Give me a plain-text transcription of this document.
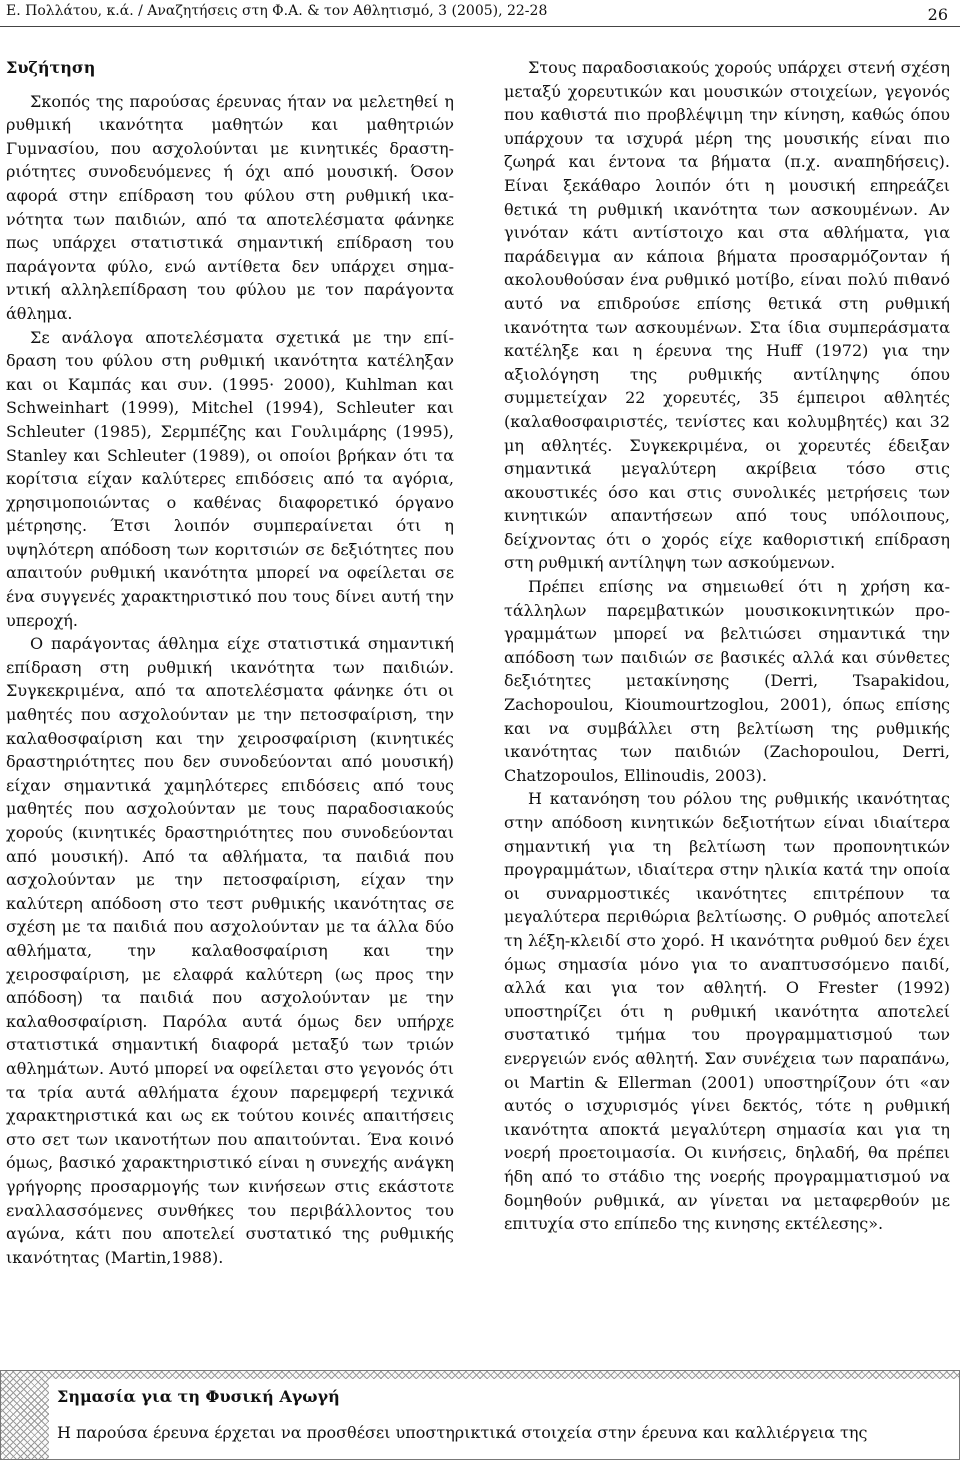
Ε. Πολλάτου, κ.ά. / Αναζητήσεις στη Φ.Α. & τον Αθλητισμό, 3 (2005), 22-28	26
Συζήτηση

Σκοπός της παρούσας έρευνας ήταν να μελετηθεί η ρυθμική ικανότητα μαθητών και μαθητριών Γυμνασίου, που ασχολούνται με κινητικές δραστηριότητες συνοδευόμενες ή όχι από μουσική. Όσον αφορά στην επίδραση του φύλου στη ρυθμική ικανότητα των παιδιών, από τα αποτελέσματα φάνηκε πως υπάρχει στατιστικά σημαντική επίδραση του παράγοντα φύλο, ενώ αντίθετα δεν υπάρχει σημαντική αλληλεπίδραση του φύλου με τον παράγοντα άθλημα.

Σε ανάλογα αποτελέσματα σχετικά με την επίδραση του φύλου στη ρυθμική ικανότητα κατέληξαν και οι Καμπάς και συν. (1995· 2000), Kuhlman και Schweinhart (1999), Mitchel (1994), Schleuter και Schleuter (1985), Σερμπέζης και Γουλιμάρης (1995), Stanley και Schleuter (1989), οι οποίοι βρήκαν ότι τα κορίτσια είχαν καλύτερες επιδόσεις από τα αγόρια, χρησιμοποιώντας ο καθένας διαφορετικό όργανο μέτρησης. Έτσι λοιπόν συμπεραίνεται ότι η υψηλότερη απόδοση των κοριτσιών σε δεξιότητες που απαιτούν ρυθμική ικανότητα μπορεί να οφείλεται σε ένα συγγενές χαρακτηριστικό που τους δίνει αυτή την υπεροχή.

Ο παράγοντας άθλημα είχε στατιστικά σημαντική επίδραση στη ρυθμική ικανότητα των παιδιών. Συγκεκριμένα, από τα αποτελέσματα φάνηκε ότι οι μαθητές που ασχολούνταν με την πετοσφαίριση, την καλαθοσφαίριση και την χειροσφαίριση (κινητικές δραστηριότητες που δεν συνοδεύονται από μουσική) είχαν σημαντικά χαμηλότερες επιδόσεις από τους μαθητές που ασχολούνταν με τους παραδοσιακούς χορούς (κινητικές δραστηριότητες που συνοδεύονται από μουσική). Από τα αθλήματα, τα παιδιά που ασχολούνταν με την πετοσφαίριση, είχαν την καλύτερη απόδοση στο τεστ ρυθμικής ικανότητας σε σχέση με τα παιδιά που ασχολούνταν με τα άλλα δύο αθλήματα, την καλαθοσφαίριση και την χειροσφαίριση, με ελαφρά καλύτερη (ως προς την απόδοση) τα παιδιά που ασχολούνταν με την καλαθοσφαίριση. Παρόλα αυτά όμως δεν υπήρχε στατιστικά σημαντική διαφορά μεταξύ των τριών αθλημάτων. Αυτό μπορεί να οφείλεται στο γεγονός ότι τα τρία αυτά αθλήματα έχουν παρεμφερή τεχνικά χαρακτηριστικά και ως εκ τούτου κοινές απαιτήσεις στο σετ των ικανοτήτων που απαιτούνται. Ένα κοινό όμως, βασικό χαρακτηριστικό είναι η συνεχής ανάγκη γρήγορης προσαρμογής των κινήσεων στις εκάστοτε εναλλασσόμενες συνθήκες του περιβάλλοντος του αγώνα, κάτι που αποτελεί συστατικό της ρυθμικής ικανότητας (Martin,1988).

Στους παραδοσιακούς χορούς υπάρχει στενή σχέση μεταξύ χορευτικών και μουσικών στοιχείων, γεγονός που καθιστά πιο προβλέψιμη την κίνηση, καθώς όπου υπάρχουν τα ισχυρά μέρη της μουσικής είναι πιο ζωηρά και έντονα τα βήματα (π.χ. αναπηδήσεις). Είναι ξεκάθαρο λοιπόν ότι η μουσική επηρεάζει θετικά τη ρυθμική ικανότητα των ασκουμένων. Αν γινόταν κάτι αντίστοιχο και στα αθλήματα, για παράδειγμα αν κάποια βήματα προσαρμόζονταν ή ακολουθούσαν ένα ρυθμικό μοτίβο, είναι πολύ πιθανό αυτό να επιδρούσε επίσης θετικά στη ρυθμική ικανότητα των ασκουμένων. Στα ίδια συμπεράσματα κατέληξε και η έρευνα της Huff (1972) για την αξιολόγηση της ρυθμικής αντίληψης όπου συμμετείχαν 22 χορευτές, 35 έμπειροι αθλητές (καλαθοσφαιριστές, τενίστες και κολυμβητές) και 32 μη αθλητές. Συγκεκριμένα, οι χορευτές έδειξαν σημαντικά μεγαλύτερη ακρίβεια τόσο στις ακουστικές όσο και στις συνολικές μετρήσεις των κινητικών απαντήσεων από τους υπόλοιπους, δείχνοντας ότι ο χορός είχε καθοριστική επίδραση στη ρυθμική αντίληψη των ασκούμενων.

Πρέπει επίσης να σημειωθεί ότι η χρήση κατάλληλων παρεμβατικών μουσικοκινητικών προγραμμάτων μπορεί να βελτιώσει σημαντικά την απόδοση των παιδιών σε βασικές αλλά και σύνθετες δεξιότητες μετακίνησης (Derri, Tsapakidou, Zachopoulou, Kioumourtzoglou, 2001), όπως επίσης και να συμβάλλει στη βελτίωση της ρυθμικής ικανότητας των παιδιών (Zachopoulou, Derri, Chatzopoulos, Ellinoudis, 2003).

Η κατανόηση του ρόλου της ρυθμικής ικανότητας στην απόδοση κινητικών δεξιοτήτων είναι ιδιαίτερα σημαντική για τη βελτίωση των προπονητικών προγραμμάτων, ιδιαίτερα στην ηλικία κατά την οποία οι συναρμοστικές ικανότητες επιτρέπουν τα μεγαλύτερα περιθώρια βελτίωσης. Ο ρυθμός αποτελεί τη λέξη-κλειδί στο χορό. Η ικανότητα ρυθμού δεν έχει όμως σημασία μόνο για το αναπτυσσόμενο παιδί, αλλά και για τον αθλητή. Ο Frester (1992) υποστηρίζει ότι η ρυθμική ικανότητα αποτελεί συστατικό τμήμα του προγραμματισμού των ενεργειών ενός αθλητή. Σαν συνέχεια των παραπάνω, οι Martin & Ellerman (2001) υποστηρίζουν ότι «αν αυτός ο ισχυρισμός γίνει δεκτός, τότε η ρυθμική ικανότητα αποκτά μεγαλύτερη σημασία και για τη νοερή προετοιμασία. Οι κινήσεις, δηλαδή, θα πρέπει ήδη από το στάδιο της νοερής προγραμματισμού να δομηθούν ρυθμικά, αν γίνεται να μεταφερθούν με επιτυχία στο επίπεδο της κινησης εκτέλεσης».

Σημασία για τη Φυσική Αγωγή

Η παρούσα έρευνα έρχεται να προσθέσει υποστηρικτικά στοιχεία στην έρευνα και καλλιέργεια της
